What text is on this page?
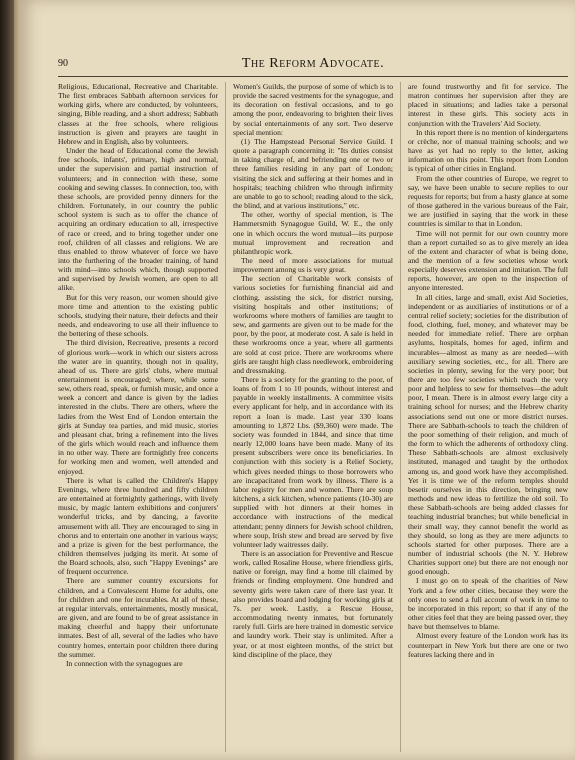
90	The Reform Advocate.

Religious, Educational, Recreative and Charitable. The first embraces Sabbath afternoon services for working girls, where are conducted, by volunteers, singing, Bible reading, and a short address; Sabbath classes at the free schools, where religious instruction is given and prayers are taught in Hebrew and in English, also by volunteers.

Under the head of Educational come the Jewish free schools, infants', primary, high and normal, under the supervision and partial instruction of volunteers; and in connection with these, some cooking and sewing classes. In connection, too, with these schools, are provided penny dinners for the children. Fortunately, in our country the public school system is such as to offer the chance of acquiring an ordinary education to all, irrespective of race or creed, and to bring together under one roof, children of all classes and religions. We are thus enabled to throw whatever of force we have into the furthering of the broader training, of hand with mind—into schools which, though supported and supervised by Jewish women, are open to all alike.

But for this very reason, our women should give more time and attention to the existing public schools, studying their nature, their defects and their needs, and endeavoring to use all their influence to the bettering of these schools.

The third division, Recreative, presents a record of glorious work—work in which our sisters across the water are in quantity, though not in quality, ahead of us. There are girls' clubs, where mutual entertainment is encouraged; where, while some sew, others read, speak, or furnish music, and once a week a concert and dance is given by the ladies interested in the clubs. There are others, where the ladies from the West End of London entertain the girls at Sunday tea parties, and mid music, stories and pleasant chat, bring a refinement into the lives of the girls which would reach and influence them in no other way. There are fortnightly free concerts for working men and women, well attended and enjoyed.

There is what is called the Children's Happy Evenings, where three hundred and fifty children are entertained at fortnightly gatherings, with lively music, by magic lantern exhibitions and conjurers' wonderful tricks, and by dancing, a favorite amusement with all. They are encouraged to sing in chorus and to entertain one another in various ways; and a prize is given for the best performance, the children themselves judging its merit. At some of the Board schools, also, such "Happy Evenings" are of frequent occurrence.

There are summer country excursions for children, and a Convalescent Home for adults, one for children and one for incurables. At all of these, at regular intervals, entertainments, mostly musical, are given, and are found to be of great assistance in making cheerful and happy their unfortunate inmates. Best of all, several of the ladies who have country homes, entertain poor children there during the summer.

In connection with the synagogues are

Women's Guilds, the purpose of some of which is to provide the sacred vestments for the synagogue, and its decoration on festival occasions, and to go among the poor, endeavoring to brighten their lives by social entertainments of any sort. Two deserve special mention:

(1) The Hampstead Personal Service Guild. I quote a paragraph concerning it: "Its duties consist in taking charge of, and befriending one or two or three families residing in any part of London; visiting the sick and suffering at their homes and in hospitals; teaching children who through infirmity are unable to go to school; reading aloud to the sick, the blind, and at various institutions," etc.

The other, worthy of special mention, is The Hammersmith Synagogue Guild, W. E., the only one in which occurs the word mutual—its purpose mutual improvement and recreation and philanthropic work.

The need of more associations for mutual improvement among us is very great.

The section of Charitable work consists of various societies for furnishing financial aid and clothing, assisting the sick, for district nursing, visiting hospitals and other institutions; of workrooms where mothers of families are taught to sew, and garments are given out to be made for the poor, by the poor, at moderate cost. A sale is held in these workrooms once a year, where all garments are sold at cost price. There are workrooms where girls are taught high class needlework, embroidering and dressmaking.

There is a society for the granting to the poor, of loans of from 1 to 10 pounds, without interest and payable in weekly installments. A committee visits every applicant for help, and in accordance with its report a loan is made. Last year 330 loans amounting to 1,872 Lbs. ($9,360) were made. The society was founded in 1844, and since that time nearly 12,000 loans have been made. Many of its present subscribers were once its beneficiaries. In conjunction with this society is a Relief Society, which gives needed things to those borrowers who are incapacitated from work by illness. There is a labor registry for men and women. There are soup kitchens, a sick kitchen, whence patients (10-30) are supplied with hot dinners at their homes in accordance with instructions of the medical attendant; penny dinners for Jewish school children, where soup, Irish stew and bread are served by five volunteer lady waitresses daily.

There is an association for Preventive and Rescue work, called Rosaline House, where friendless girls, native or foreign, may find a home till claimed by friends or finding employment. One hundred and seventy girls were taken care of there last year. It also provides board and lodging for working girls at 7s. per week. Lastly, a Rescue House, accommodating twenty inmates, but fortunately rarely full. Girls are here trained in domestic service and laundry work. Their stay is unlimited. After a year, or at most eighteen months, of the strict but kind discipline of the place, they

are found trustworthy and fit for service. The matron continues her supervision after they are placed in situations; and ladies take a personal interest in these girls. This society acts in conjunction with the Travelers' Aid Society.

In this report there is no mention of kindergartens or crèche, nor of manual training schools; and we have as yet had no reply to the letter, asking information on this point. This report from London is typical of other cities in England.

From the other countries of Europe, we regret to say, we have been unable to secure replies to our requests for reports; but from a hasty glance at some of those gathered in the various bureaus of the Fair, we are justified in saying that the work in these countries is similar to that in London.

Time will not permit for our own country more than a report curtailed so as to give merely an idea of the extent and character of what is being done, and the mention of a few societies whose work especially deserves extension and imitation. The full reports, however, are open to the inspection of anyone interested.

In all cities, large and small, exist Aid Societies, independent or as auxiliaries of institutions or of a central relief society; societies for the distribution of food, clothing, fuel, money, and whatever may be needed for immediate relief. There are orphan asylums, hospitals, homes for aged, infirm and incurables—almost as many as are needed—with auxiliary sewing societies, etc., for all. There are societies in plenty, sewing for the very poor; but there are too few societies which teach the very poor and helpless to sew for themselves—the adult poor, I mean. There is in almost every large city a training school for nurses; and the Hebrew charity associations send out one or more district nurses. There are Sabbath-schools to teach the children of the poor something of their religion, and much of the form to which the adherents of orthodoxy cling. These Sabbath-schools are almost exclusively instituted, managed and taught by the orthodox among us, and good work have they accomplished. Yet it is time we of the reform temples should besetir ourselves in this direction, bringing new methods and new ideas to fertilize the old soil. To these Sabbath-schools are being added classes for teaching industrial branches; but while beneficial in their small way, they cannot benefit the world as they should, so long as they are mere adjuncts to schools started for other purposes. There are a number of industrial schools (the N. Y. Hebrew Charities support one) but there are not enough nor good enough.

I must go on to speak of the charities of New York and a few other cities, because they were the only ones to send a full account of work in time to be incorporated in this report; so that if any of the other cities feel that they are being passed over, they have but themselves to blame.

Almost every feature of the London work has its counterpart in New York but there are one or two features lacking there and in
